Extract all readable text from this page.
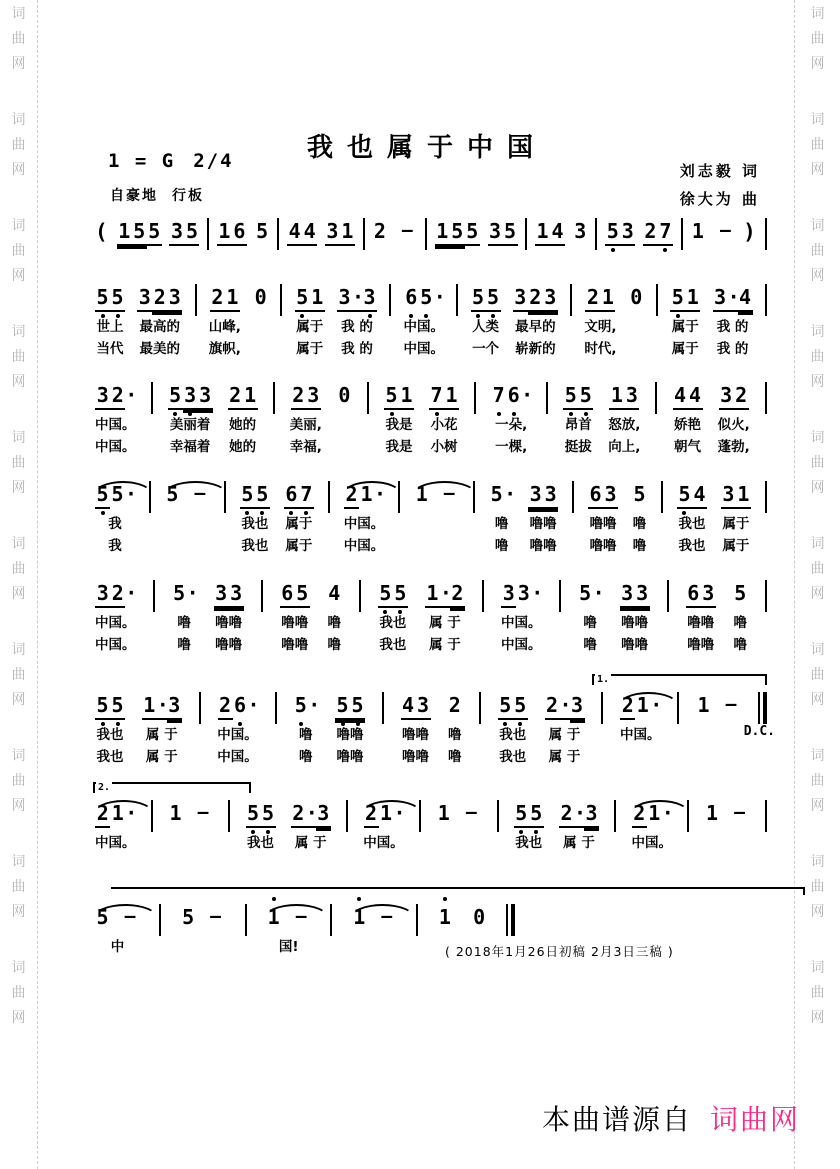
词
曲
网
词
曲
网
词
曲
网
词
曲
网
词
曲
网
词
曲
网
词
曲
网
词
曲
网
词
曲
网
词
曲
网
词
曲
网
词
曲
网
词
曲
网
词
曲
网
词
曲
网
词
曲
网
词
曲
网
词
曲
网
词
曲
网
词
曲
网
我也属于中国
1 = G 2/4
自豪地 行板
刘志毅 词
徐大为 曲
( 1 5 5 3 5 1 6 5 4 4 3 1 2 – 1 5 5 3 5 1 4 3 5 3 2 7 1 – )
5 5
世上
当代
3 2 3
最高的
最美的
2 1
山峰,
旗帜,
0 5 1
属于
属于
3 · 3
我 的
我 的
6 5 ·
中国。
中国。
5 5
人类
一个
3 2 3
最早的
崭新的
2 1
文明,
时代,
0 5 1
属于
属于
3 · 4
我 的
我 的
3 2 ·
中国。
中国。
5 3 3
美丽着
幸福着
2 1
她的
她的
2 3
美丽,
幸福,
0 5 1
我是
我是
7 1
小花
小树
7 6 ·
一朵,
一棵,
5 5
昂首
挺拔
1 3
怒放,
向上,
4 4
娇艳
朝气
3 2
似火,
蓬勃,
5 5 ·
我
我
5 – 5 5
我也
我也
6 7
属于
属于
2 1 ·
中国。
中国。
1 – 5 ·
噜
噜
3 3
噜噜
噜噜
6 3
噜噜
噜噜
5
噜
噜
5 4
我也
我也
3 1
属于
属于
3 2 ·
中国。
中国。
5 ·
噜
噜
3 3
噜噜
噜噜
6 5
噜噜
噜噜
4
噜
噜
5 5
我也
我也
1 · 2
属 于
属 于
3 3 ·
中国。
中国。
5 ·
噜
噜
3 3
噜噜
噜噜
6 3
噜噜
噜噜
5
噜
噜
5 5
我也
我也
1 · 3
属 于
属 于
2 6 ·
中国。
中国。
5 ·
噜
噜
5 5
噜噜
噜噜
4 3
噜噜
噜噜
2
噜
噜
5 5
我也
我也
2 · 3
属 于
属 于
2 1 ·
中国。
1 –
1.
D.C.
2 1 ·
中国。
1 – 5 5
我也
2 · 3
属 于
2 1 ·
中国。
1 – 5 5
我也
2 · 3
属 于
2 1 ·
中国。
1 –
2.
5 –
中
5 – 1 –
国!
1 – 1 0
( 2018年1月26日初稿 2月3日三稿 )
本曲谱源自 词曲网
